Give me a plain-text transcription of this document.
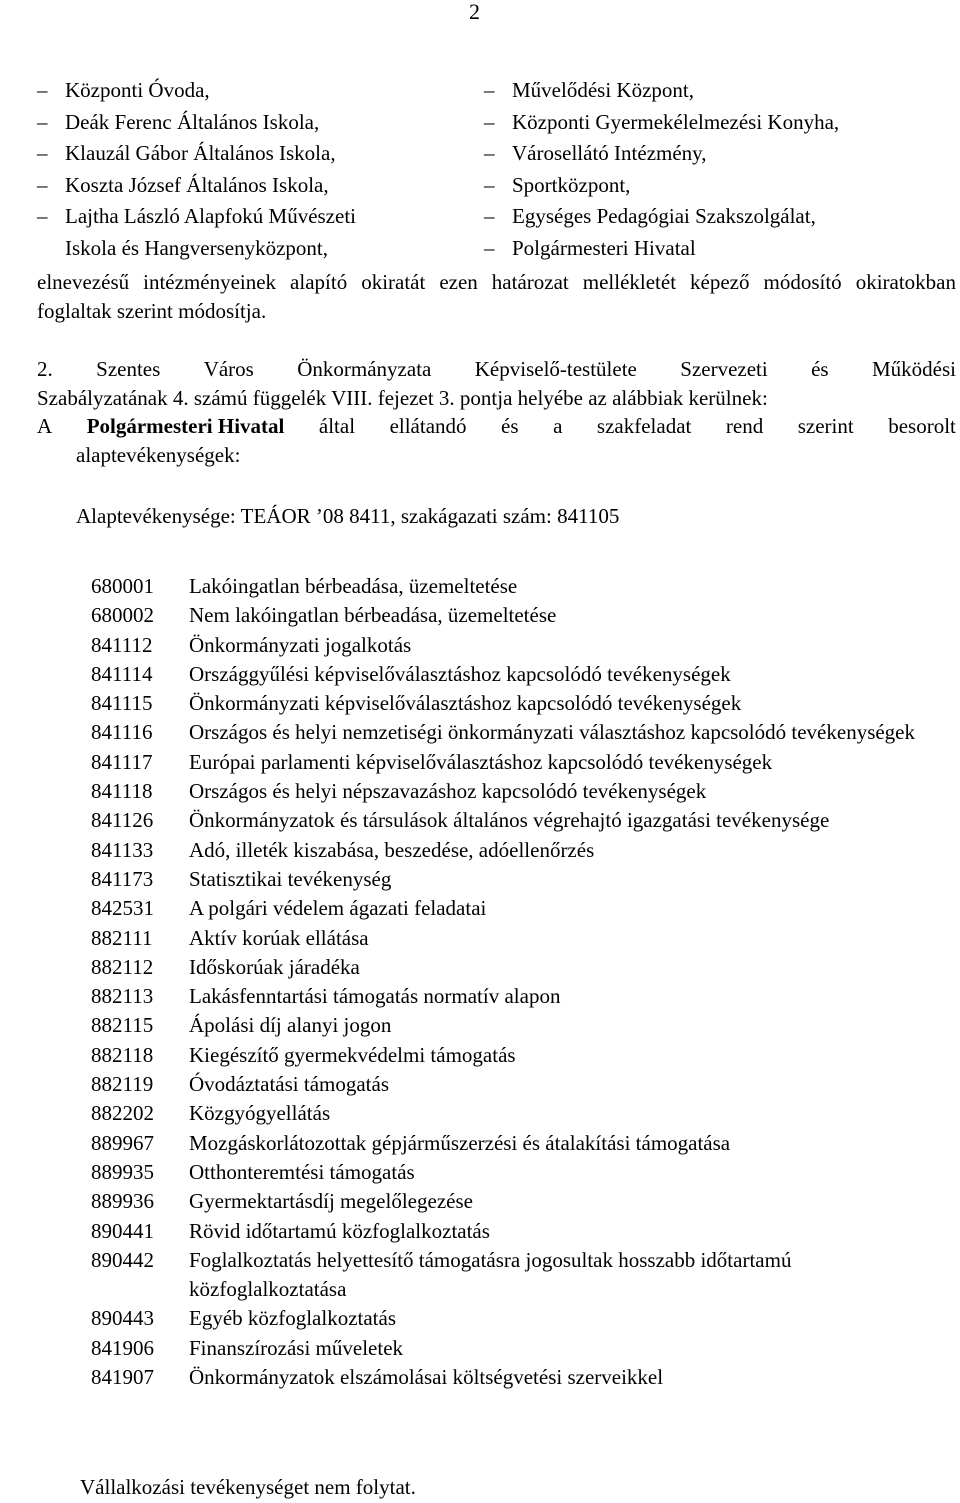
2
– Központi Óvoda,
– Deák Ferenc Általános Iskola,
– Klauzál Gábor Általános Iskola,
– Koszta József Általános Iskola,
– Lajtha László Alapfokú Művészeti
Iskola és Hangversenyközpont,
– Művelődési Központ,
– Központi Gyermekélelmezési Konyha,
– Városellátó Intézmény,
– Sportközpont,
– Egységes Pedagógiai Szakszolgálat,
– Polgármesteri Hivatal
elnevezésű intézményeinek alapító okiratát ezen határozat mellékletét képező módosító okiratokban foglaltak szerint módosítja.
2. Szentes Város Önkormányzata Képviselő-testülete Szervezeti és Működési
Szabályzatának 4. számú függelék VIII. fejezet 3. pontja helyébe az alábbiak kerülnek:
A Polgármesteri Hivatal által ellátandó és a szakfeladat rend szerint besorolt
alaptevékenységek:
Alaptevékenysége: TEÁOR ’08 8411, szakágazati szám: 841105
680001	Lakóingatlan bérbeadása, üzemeltetése
680002	Nem lakóingatlan bérbeadása, üzemeltetése
841112	Önkormányzati jogalkotás
841114	Országgyűlési képviselőválasztáshoz kapcsolódó tevékenységek
841115	Önkormányzati képviselőválasztáshoz kapcsolódó tevékenységek
841116	Országos és helyi nemzetiségi önkormányzati választáshoz kapcsolódó tevékenységek
841117	Európai parlamenti képviselőválasztáshoz kapcsolódó tevékenységek
841118	Országos és helyi népszavazáshoz kapcsolódó tevékenységek
841126	Önkormányzatok és társulások általános végrehajtó igazgatási tevékenysége
841133	Adó, illeték kiszabása, beszedése, adóellenőrzés
841173	Statisztikai tevékenység
842531	A polgári védelem ágazati feladatai
882111	Aktív korúak ellátása
882112	Időskorúak járadéka
882113	Lakásfenntartási támogatás normatív alapon
882115	Ápolási díj alanyi jogon
882118	Kiegészítő gyermekvédelmi támogatás
882119	Óvodáztatási támogatás
882202	Közgyógyellátás
889967	Mozgáskorlátozottak gépjárműszerzési és átalakítási támogatása
889935	Otthonteremtési támogatás
889936	Gyermektartásdíj megelőlegezése
890441	Rövid időtartamú közfoglalkoztatás
890442	Foglalkoztatás helyettesítő támogatásra jogosultak hosszabb időtartamú közfoglalkoztatása
890443	Egyéb közfoglalkoztatás
841906	Finanszírozási műveletek
841907	Önkormányzatok elszámolásai költségvetési szerveikkel
Vállalkozási tevékenységet nem folytat.
